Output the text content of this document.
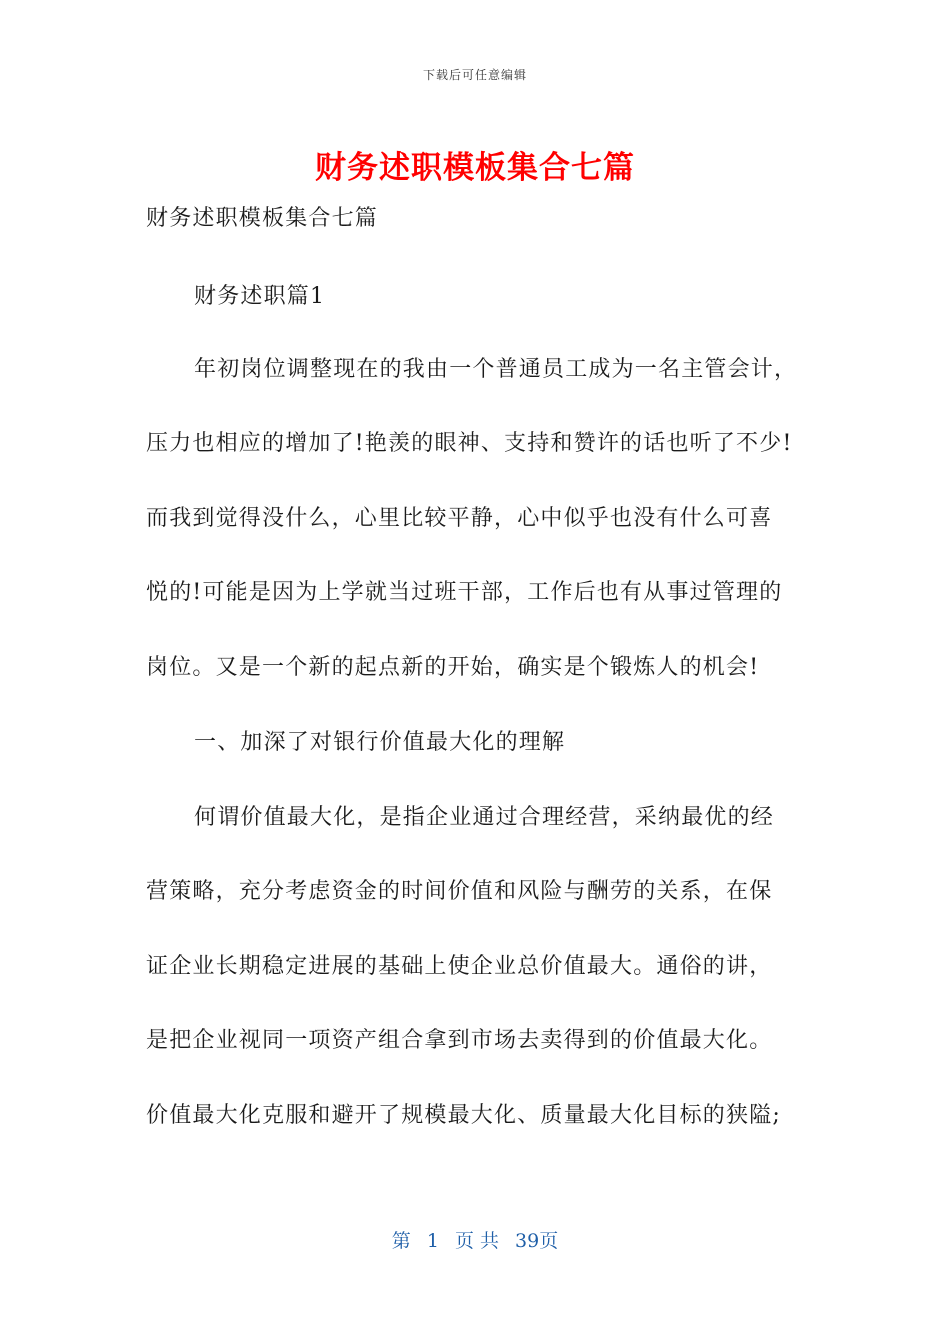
下载后可任意编辑
财务述职模板集合七篇
财务述职模板集合七篇
财务述职篇1
年初岗位调整现在的我由一个普通员工成为一名主管会计，
压力也相应的增加了!艳羡的眼神、支持和赞许的话也听了不少!
而我到觉得没什么，心里比较平静，心中似乎也没有什么可喜
悦的!可能是因为上学就当过班干部，工作后也有从事过管理的
岗位。又是一个新的起点新的开始，确实是个锻炼人的机会!
一、加深了对银行价值最大化的理解
何谓价值最大化，是指企业通过合理经营，采纳最优的经
营策略，充分考虑资金的时间价值和风险与酬劳的关系，在保
证企业长期稳定进展的基础上使企业总价值最大。通俗的讲，
是把企业视同一项资产组合拿到市场去卖得到的价值最大化。
价值最大化克服和避开了规模最大化、质量最大化目标的狭隘;
第 1 页 共 39页
